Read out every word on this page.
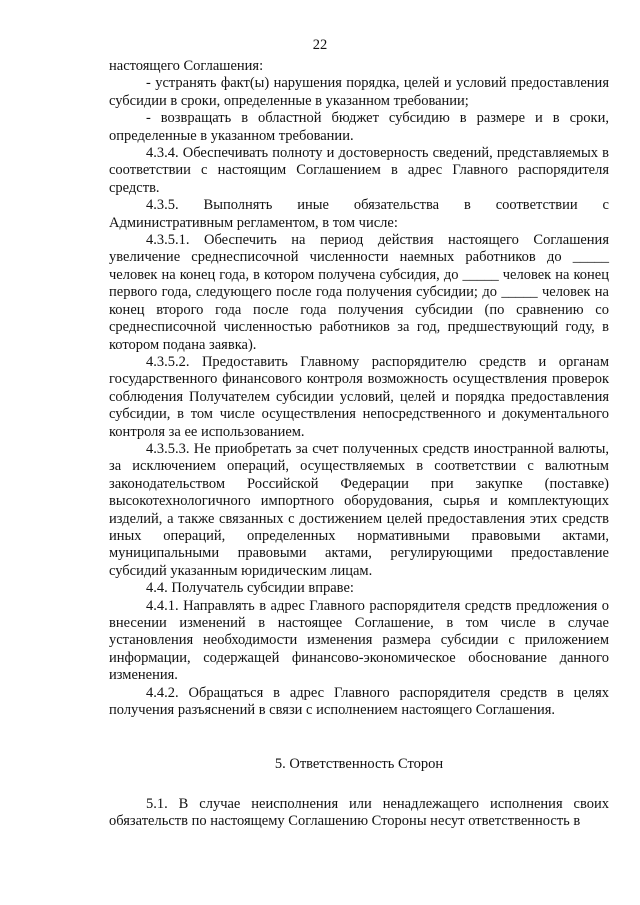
22

настоящего Соглашения:

- устранять факт(ы) нарушения порядка, целей и условий предоставления субсидии в сроки, определенные в указанном требовании;

- возвращать в областной бюджет субсидию в размере и в сроки, определенные в указанном требовании.

4.3.4. Обеспечивать полноту и достоверность сведений, представляемых в соответствии с настоящим Соглашением в адрес Главного распорядителя средств.

4.3.5. Выполнять иные обязательства в соответствии с Административным регламентом, в том числе:

4.3.5.1. Обеспечить на период действия настоящего Соглашения увеличение среднесписочной численности наемных работников до _____ человек на конец года, в котором получена субсидия, до _____ человек на конец первого года, следующего после года получения субсидии; до _____ человек на конец второго года после года получения субсидии (по сравнению со среднесписочной численностью работников за год, предшествующий году, в котором подана заявка).

4.3.5.2. Предоставить Главному распорядителю средств и органам государственного финансового контроля возможность осуществления проверок соблюдения Получателем субсидии условий, целей и порядка предоставления субсидии, в том числе осуществления непосредственного и документального контроля за ее использованием.

4.3.5.3. Не приобретать за счет полученных средств иностранной валюты, за исключением операций, осуществляемых в соответствии с валютным законодательством Российской Федерации при закупке (поставке) высокотехнологичного импортного оборудования, сырья и комплектующих изделий, а также связанных с достижением целей предоставления этих средств иных операций, определенных нормативными правовыми актами, муниципальными правовыми актами, регулирующими предоставление субсидий указанным юридическим лицам.

4.4. Получатель субсидии вправе:

4.4.1. Направлять в адрес Главного распорядителя средств предложения о внесении изменений в настоящее Соглашение, в том числе в случае установления необходимости изменения размера субсидии с приложением информации, содержащей финансово-экономическое обоснование данного изменения.

4.4.2. Обращаться в адрес Главного распорядителя средств в целях получения разъяснений в связи с исполнением настоящего Соглашения.

5. Ответственность Сторон

5.1. В случае неисполнения или ненадлежащего исполнения своих обязательств по настоящему Соглашению Стороны несут ответственность в
